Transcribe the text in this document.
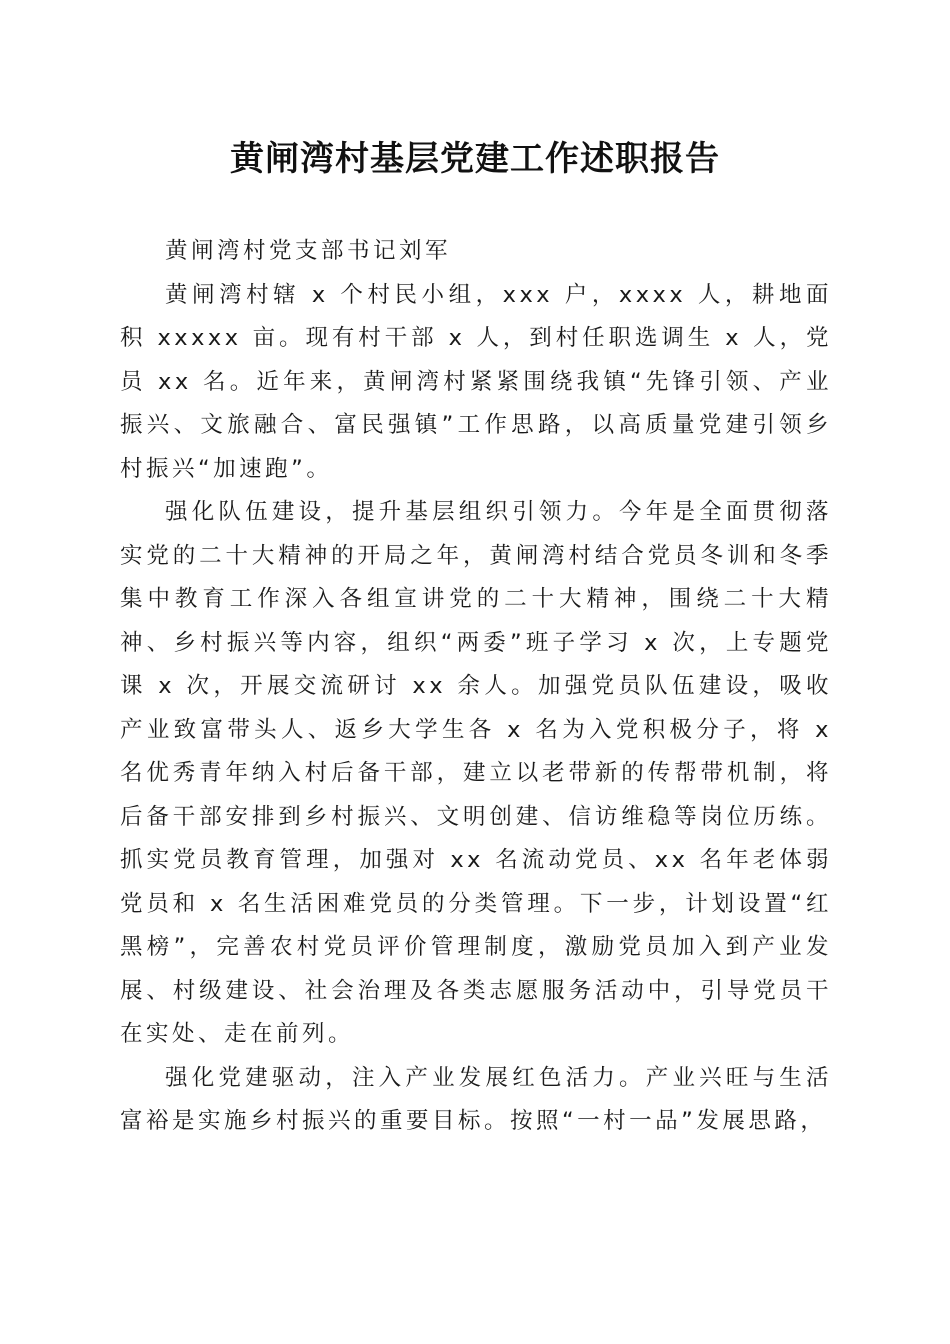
黄闸湾村基层党建工作述职报告

黄闸湾村党支部书记刘军

黄闸湾村辖 x 个村民小组，xxx 户，xxxx 人，耕地面积 xxxxx 亩。现有村干部 x 人，到村任职选调生 x 人，党员 xx 名。近年来，黄闸湾村紧紧围绕我镇“先锋引领、产业振兴、文旅融合、富民强镇”工作思路，以高质量党建引领乡村振兴“加速跑”。

强化队伍建设，提升基层组织引领力。今年是全面贯彻落实党的二十大精神的开局之年，黄闸湾村结合党员冬训和冬季集中教育工作深入各组宣讲党的二十大精神，围绕二十大精神、乡村振兴等内容，组织“两委”班子学习 x 次，上专题党课 x 次，开展交流研讨 xx 余人。加强党员队伍建设，吸收产业致富带头人、返乡大学生各 x 名为入党积极分子，将 x 名优秀青年纳入村后备干部，建立以老带新的传帮带机制，将后备干部安排到乡村振兴、文明创建、信访维稳等岗位历练。抓实党员教育管理，加强对 xx 名流动党员、xx 名年老体弱党员和 x 名生活困难党员的分类管理。下一步，计划设置“红黑榜”，完善农村党员评价管理制度，激励党员加入到产业发展、村级建设、社会治理及各类志愿服务活动中，引导党员干在实处、走在前列。

强化党建驱动，注入产业发展红色活力。产业兴旺与生活富裕是实施乡村振兴的重要目标。按照“一村一品”发展思路，
